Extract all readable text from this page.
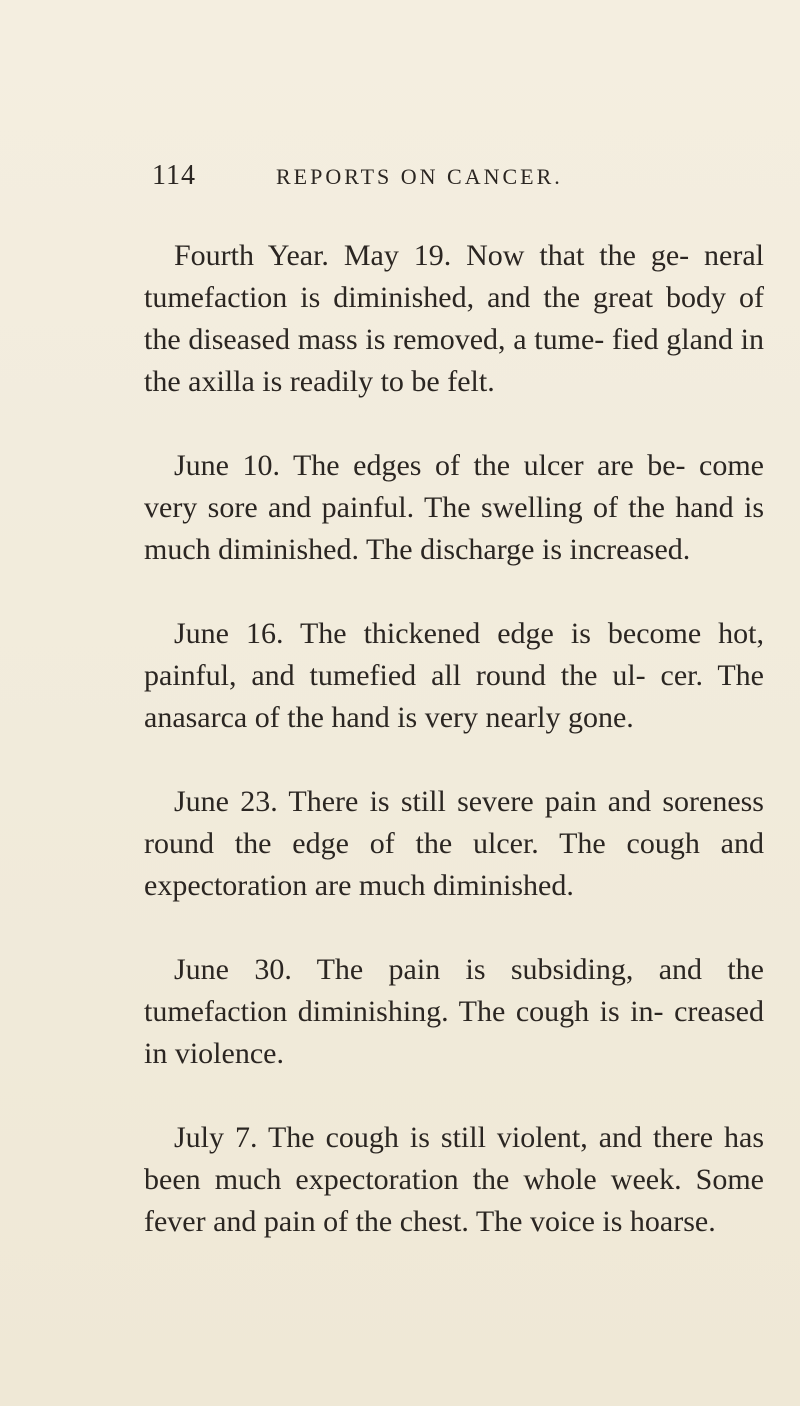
114	REPORTS ON CANCER.

Fourth Year. May 19. Now that the ge- neral tumefaction is diminished, and the great body of the diseased mass is removed, a tume- fied gland in the axilla is readily to be felt.

June 10. The edges of the ulcer are be- come very sore and painful. The swelling of the hand is much diminished. The discharge is increased.

June 16. The thickened edge is become hot, painful, and tumefied all round the ul- cer. The anasarca of the hand is very nearly gone.

June 23. There is still severe pain and soreness round the edge of the ulcer. The cough and expectoration are much diminished.

June 30. The pain is subsiding, and the tumefaction diminishing. The cough is in- creased in violence.

July 7. The cough is still violent, and there has been much expectoration the whole week. Some fever and pain of the chest. The voice is hoarse.
